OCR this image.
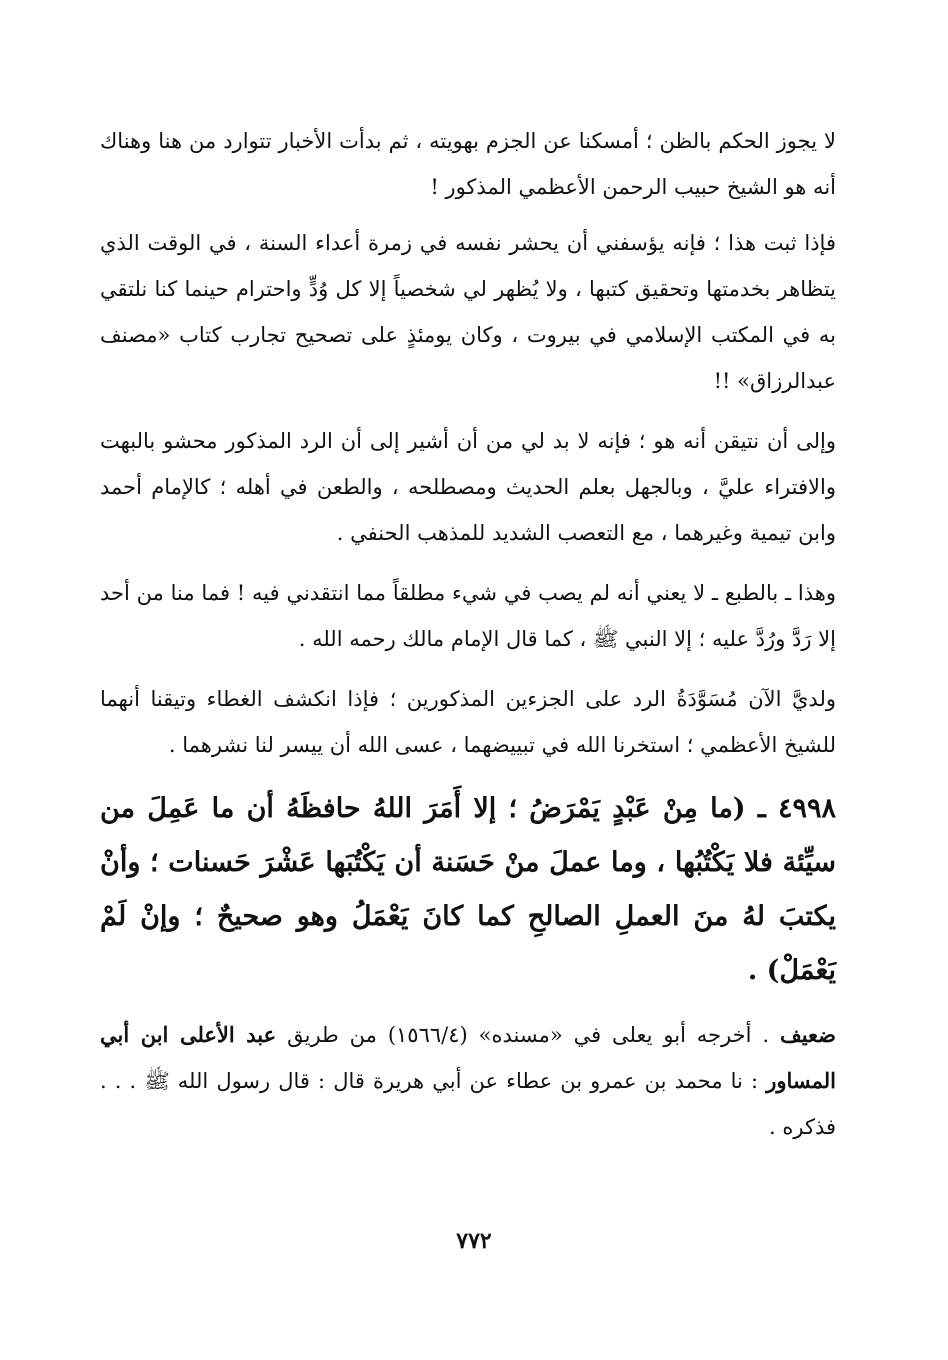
لا يجوز الحكم بالظن ؛ أمسكنا عن الجزم بهويته ، ثم بدأت الأخبار تتوارد من هنا وهناك أنه هو الشيخ حبيب الرحمن الأعظمي المذكور !

فإذا ثبت هذا ؛ فإنه يؤسفني أن يحشر نفسه في زمرة أعداء السنة ، في الوقت الذي يتظاهر بخدمتها وتحقيق كتبها ، ولا يُظهر لي شخصياً إلا كل وُدٍّ واحترام حينما كنا نلتقي به في المكتب الإسلامي في بيروت ، وكان يومئذٍ على تصحيح تجارب كتاب «مصنف عبدالرزاق» !!

وإلى أن نتيقن أنه هو ؛ فإنه لا بد لي من أن أشير إلى أن الرد المذكور محشو بالبهت والافتراء عليَّ ، وبالجهل بعلم الحديث ومصطلحه ، والطعن في أهله ؛ كالإمام أحمد وابن تيمية وغيرهما ، مع التعصب الشديد للمذهب الحنفي .

وهذا ـ بالطبع ـ لا يعني أنه لم يصب في شيء مطلقاً مما انتقدني فيه ! فما منا من أحد إلا رَدَّ ورُدَّ عليه ؛ إلا النبي ﷺ ، كما قال الإمام مالك رحمه الله .

ولديَّ الآن مُسَوَّدَةُ الرد على الجزءين المذكورين ؛ فإذا انكشف الغطاء وتيقنا أنهما للشيخ الأعظمي ؛ استخرنا الله في تبييضهما ، عسى الله أن ييسر لنا نشرهما .

٤٩٩٨ ـ (ما مِنْ عَبْدٍ يَمْرَضُ ؛ إلا أَمَرَ اللهُ حافظَهُ أن ما عَمِلَ من سيِّئة فلا يَكْتُبُها ، وما عملَ منْ حَسَنة أن يَكْتُبَها عَشْرَ حَسنات ؛ وأنْ يكتبَ لهُ منَ العملِ الصالحِ كما كانَ يَعْمَلُ وهو صحيحٌ ؛ وإنْ لَمْ يَعْمَلْ) .

ضعيف . أخرجه أبو يعلى في «مسنده» (١٥٦٦/٤) من طريق عبد الأعلى ابن أبي المساور : نا محمد بن عمرو بن عطاء عن أبي هريرة قال : قال رسول الله ﷺ . . . فذكره .

٧٧٢
